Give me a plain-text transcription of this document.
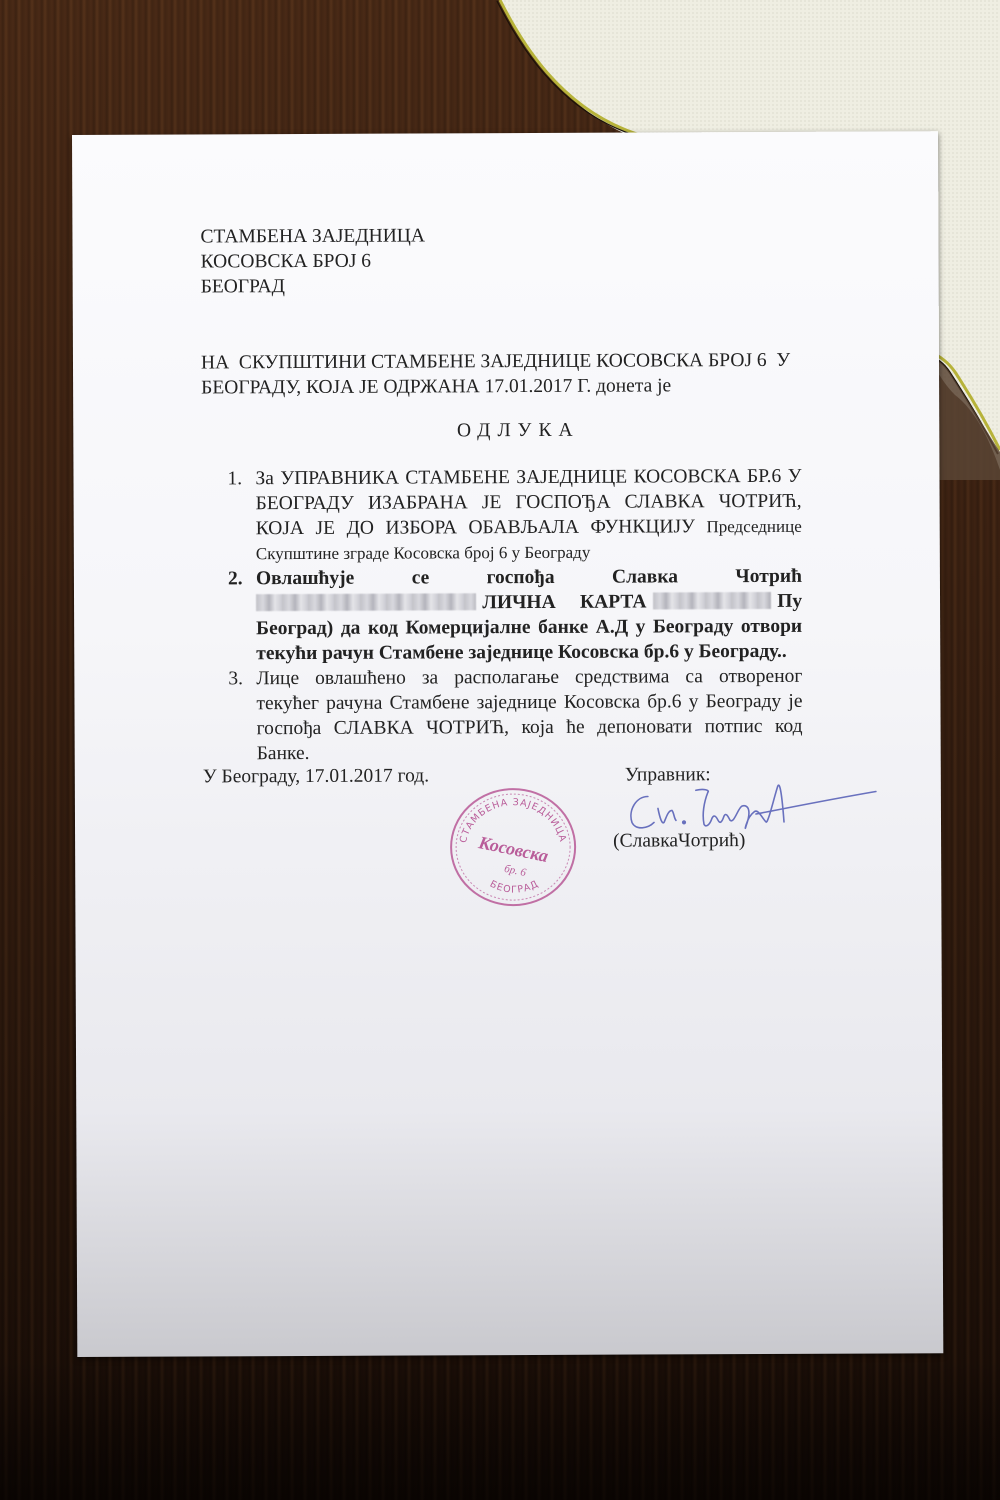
СТАМБЕНА ЗАЈЕДНИЦА
КОСОВСКА БРОЈ 6
БЕОГРАД
НА  СКУПШТИНИ СТАМБЕНЕ ЗАЈЕДНИЦЕ КОСОВСКА БРОЈ 6  У
БЕОГРАДУ, КОЈА ЈЕ ОДРЖАНА 17.01.2017 Г. донета је
ОДЛУКА
1. За УПРАВНИКА СТАМБЕНЕ ЗАЈЕДНИЦЕ КОСОВСКА БР.6 У БЕОГРАДУ ИЗАБРАНА ЈЕ ГОСПОЂА СЛАВКА ЧОТРИЋ, КОЈА ЈЕ ДО ИЗБОРА ОБАВЉАЛА ФУНКЦИЈУ Председнице Скупштине зграде Косовска број 6 у Београду
2. Овлашћује се госпођа Славка Чотрић  ЛИЧНА КАРТА	Пу Београд) да код Комерцијалне банке А.Д у Београду отвори текући рачун Стамбене заједнице Косовска бр.6 у Београду..
3. Лице овлашћено за располагање средствима са отвореног текућег рачуна Стамбене заједнице Косовска бр.6 у Београду је госпођа СЛАВКА ЧОТРИЋ, која ће депоновати потпис код Банке.
У Београду, 17.01.2017 год.
СТАМБЕНА ЗАЈЕДНИЦА
Косовска
бр. 6
БЕОГРАД
Управник:
(СлавкаЧотрић)
